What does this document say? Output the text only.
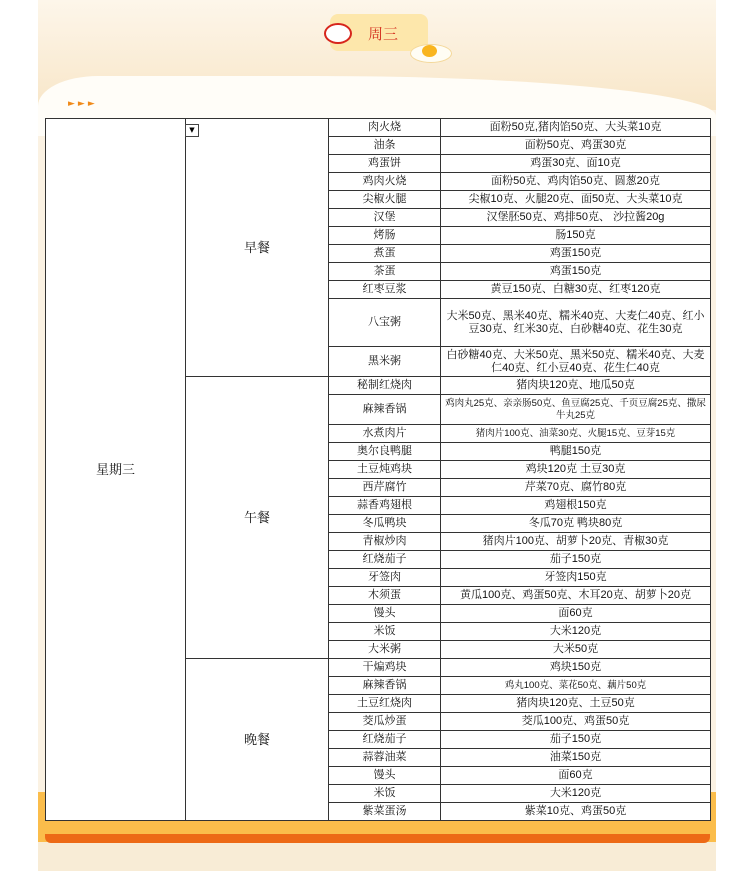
周三
►►►
星期三	早餐	肉火烧	面粉50克,猪肉馅50克、大头菜10克
		油条	面粉50克、鸡蛋30克
		鸡蛋饼	鸡蛋30克、面10克
		鸡肉火烧	面粉50克、鸡肉馅50克、圆葱20克
		尖椒火腿	尖椒10克、火腿20克、面50克、大头菜10克
		汉堡	汉堡胚50克、鸡排50克、 沙拉酱20g
		烤肠	肠150克
		煮蛋	鸡蛋150克
		茶蛋	鸡蛋150克
		红枣豆浆	黄豆150克、白糖30克、红枣120克
		八宝粥	大米50克、黑米40克、糯米40克、大麦仁40克、红小豆30克、红米30克、白砂糖40克、花生30克
		黑米粥	白砂糖40克、大米50克、黑米50克、糯米40克、大麦仁40克、红小豆40克、花生仁40克
	午餐	秘制红烧肉	猪肉块120克、地瓜50克
		麻辣香锅	鸡肉丸25克、亲亲肠50克、鱼豆腐25克、千页豆腐25克、撒尿牛丸25克
		水煮肉片	猪肉片100克、油菜30克、火腿15克、豆芽15克
		奥尔良鸭腿	鸭腿150克
		土豆炖鸡块	鸡块120克 土豆30克
		西芹腐竹	芹菜70克、腐竹80克
		蒜香鸡翅根	鸡翅根150克
		冬瓜鸭块	冬瓜70克 鸭块80克
		青椒炒肉	猪肉片100克、胡萝卜20克、青椒30克
		红烧茄子	茄子150克
		牙签肉	牙签肉150克
		木须蛋	黄瓜100克、鸡蛋50克、木耳20克、胡萝卜20克
		馒头	面60克
		米饭	大米120克
		大米粥	大米50克
	晚餐	干煸鸡块	鸡块150克
		麻辣香锅	鸡丸100克、菜花50克、藕片50克
		土豆红烧肉	猪肉块120克、土豆50克
		茭瓜炒蛋	茭瓜100克、鸡蛋50克
		红烧茄子	茄子150克
		蒜蓉油菜	油菜150克
		馒头	面60克
		米饭	大米120克
		紫菜蛋汤	紫菜10克、鸡蛋50克
▼
